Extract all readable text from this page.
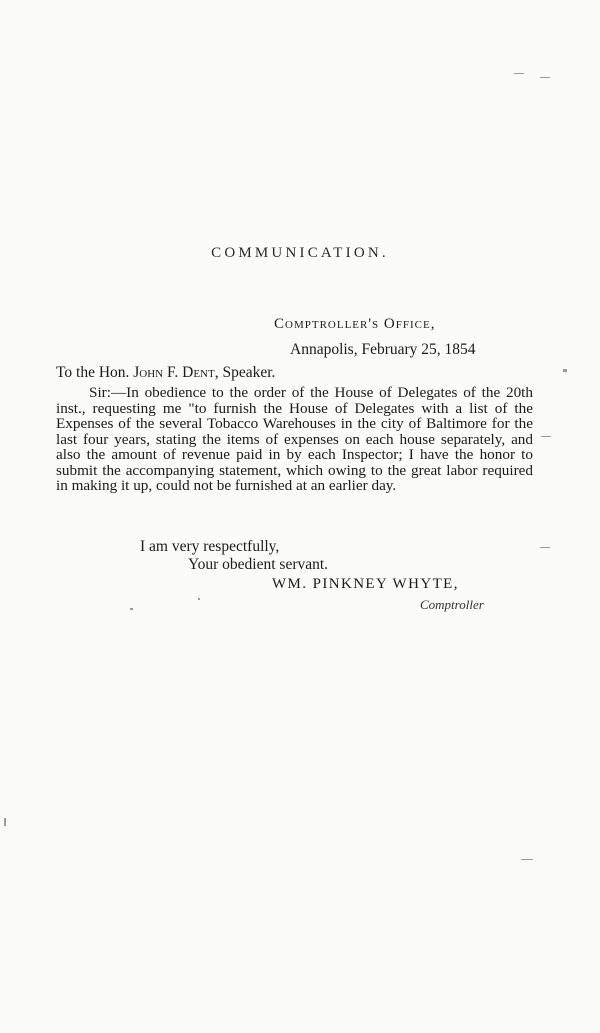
COMMUNICATION.
Comptroller's Office,
Annapolis, February 25, 1854
To the Hon. John F. Dent, Speaker.

Sir:—In obedience to the order of the House of Delegates of the 20th inst., requesting me "to furnish the House of Delegates with a list of the Expenses of the several Tobacco Warehouses in the city of Baltimore for the last four years, stating the items of expenses on each house separately, and also the amount of revenue paid in by each Inspector; I have the honor to submit the accompanying statement, which owing to the great labor required in making it up, could not be furnished at an earlier day.

I am very respectfully,
Your obedient servant.
WM. PINKNEY WHYTE,
Comptroller
